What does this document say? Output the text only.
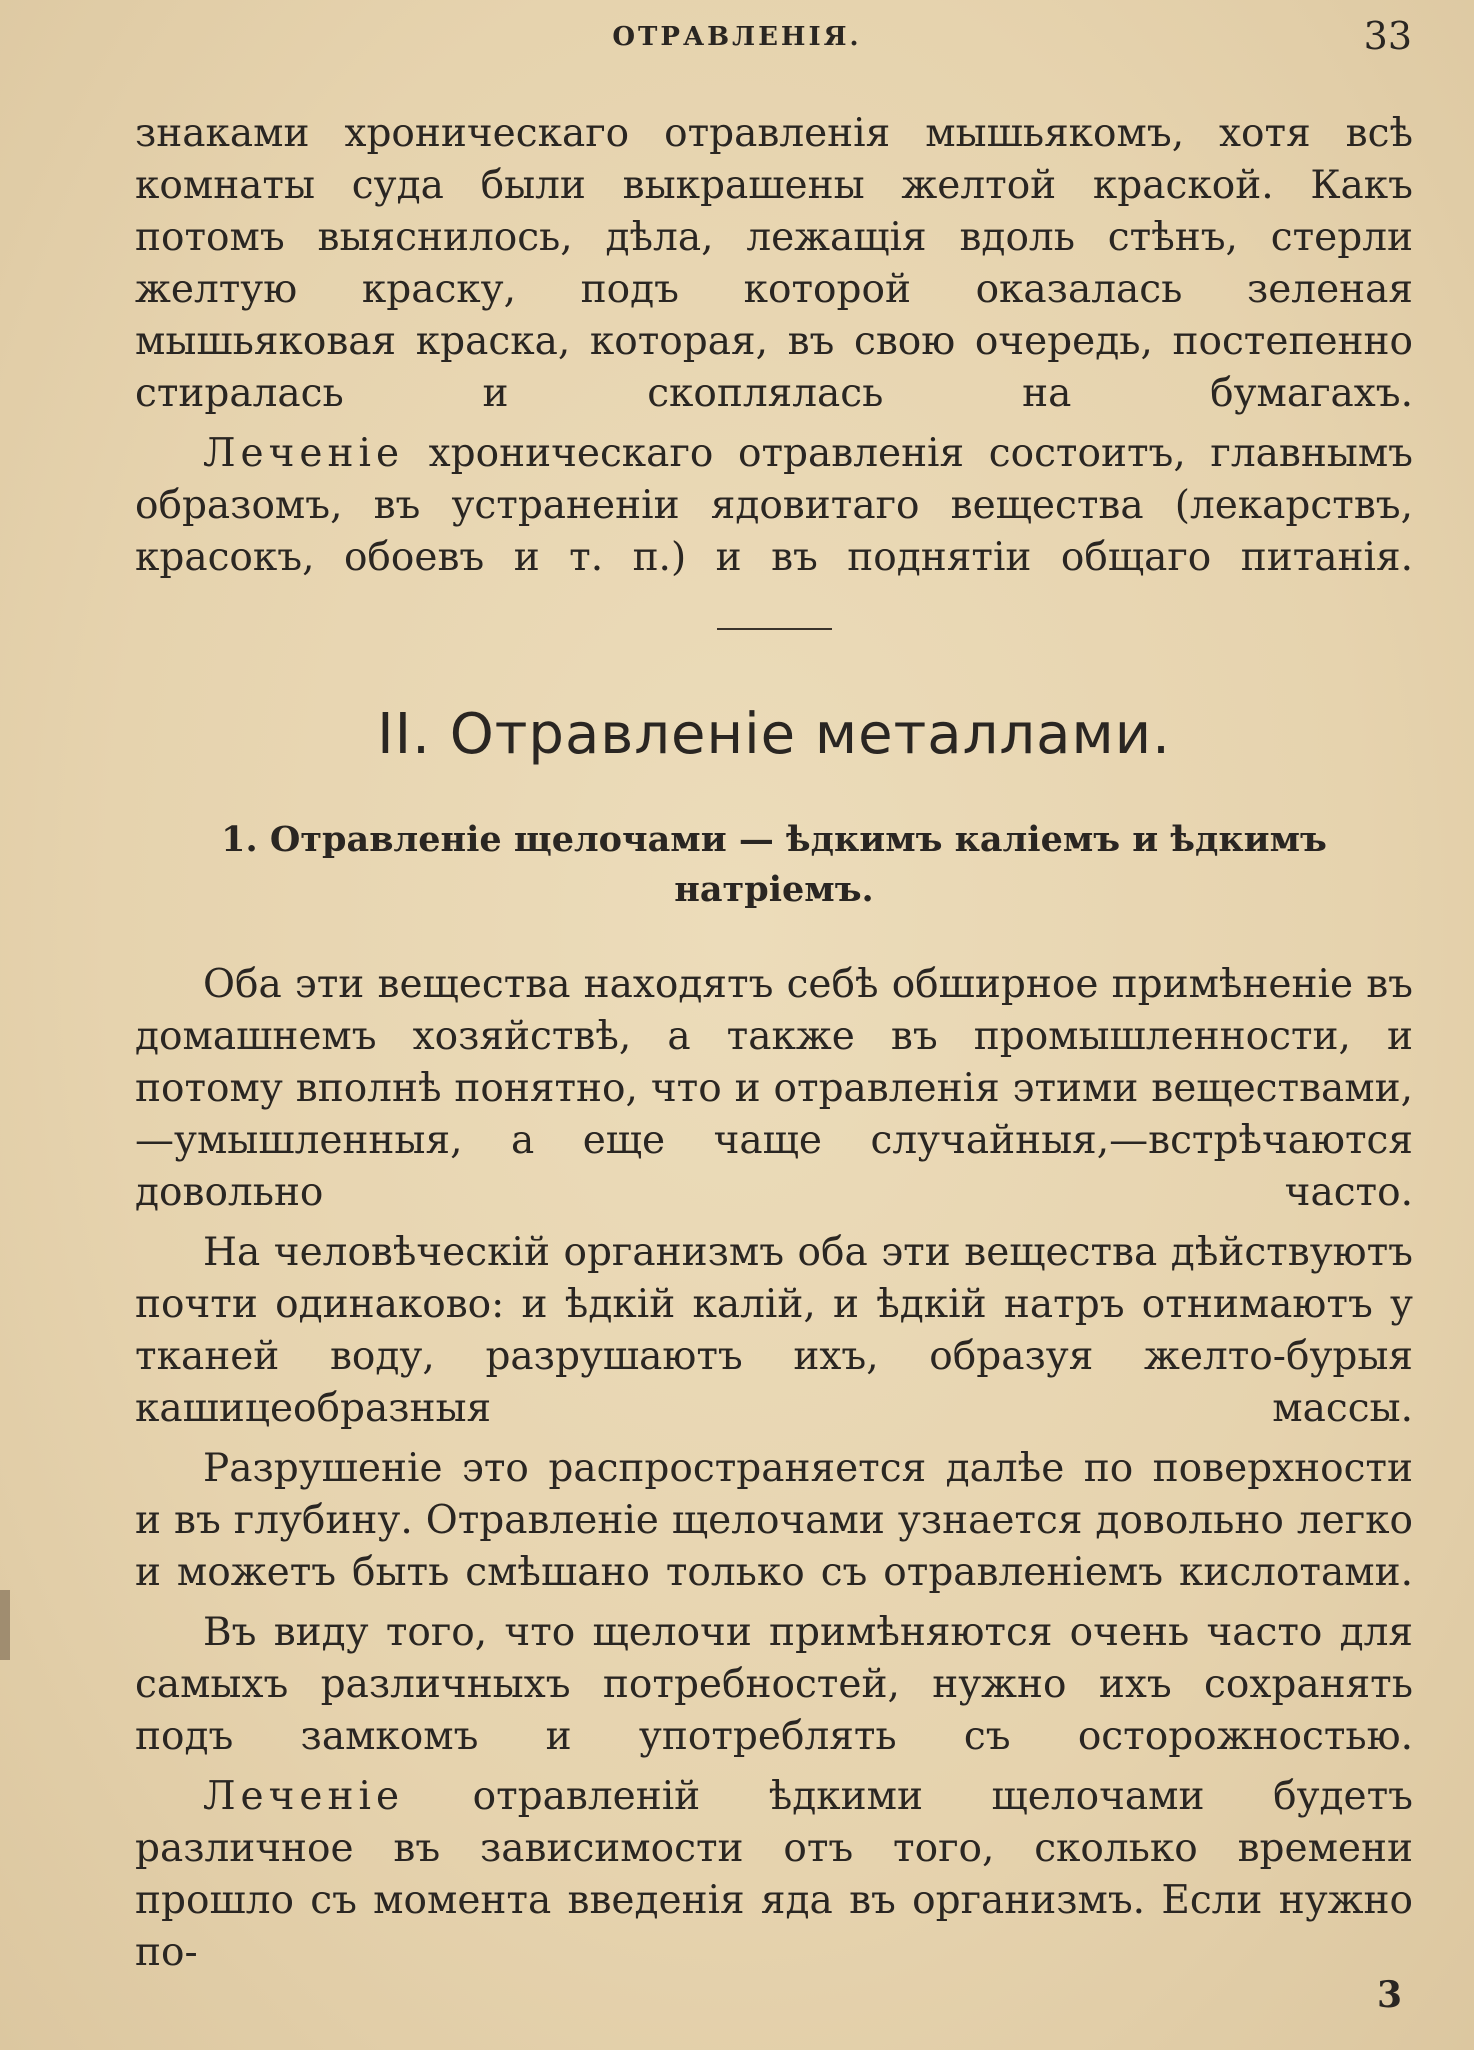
ОТРАВЛЕНІЯ.	33

знаками хроническаго отравленія мышьякомъ, хотя всѣ комнаты суда были выкрашены желтой краской. Какъ потомъ выяснилось, дѣла, лежащія вдоль стѣнъ, стерли желтую краску, подъ которой оказалась зеленая мышьяковая краска, которая, въ свою очередь, постепенно стиралась и скоплялась на бумагахъ.

Леченіе хроническаго отравленія состоитъ, главнымъ образомъ, въ устраненіи ядовитаго вещества (лекарствъ, красокъ, обоевъ и т. п.) и въ поднятіи общаго питанія.

II. Отравленіе металлами.
1. Отравленіе щелочами — ѣдкимъ каліемъ и ѣдкимъ натріемъ.

Оба эти вещества находятъ себѣ обширное примѣненіе въ домашнемъ хозяйствѣ, а также въ промышленности, и потому вполнѣ понятно, что и отравленія этими веществами,—умышленныя, а еще чаще случайныя,—встрѣчаются довольно часто.

На человѣческій организмъ оба эти вещества дѣйствуютъ почти одинаково: и ѣдкій калій, и ѣдкій натръ отнимаютъ у тканей воду, разрушаютъ ихъ, образуя желто-бурыя кашицеобразныя массы.

Разрушеніе это распространяется далѣе по поверхности и въ глубину. Отравленіе щелочами узнается довольно легко и можетъ быть смѣшано только съ отравленіемъ кислотами.

Въ виду того, что щелочи примѣняются очень часто для самыхъ различныхъ потребностей, нужно ихъ сохранять подъ замкомъ и употреблять съ осторожностью.

Леченіе отравленій ѣдкими щелочами будетъ различное въ зависимости отъ того, сколько времени прошло съ момента введенія яда въ организмъ. Если нужно по-

3
